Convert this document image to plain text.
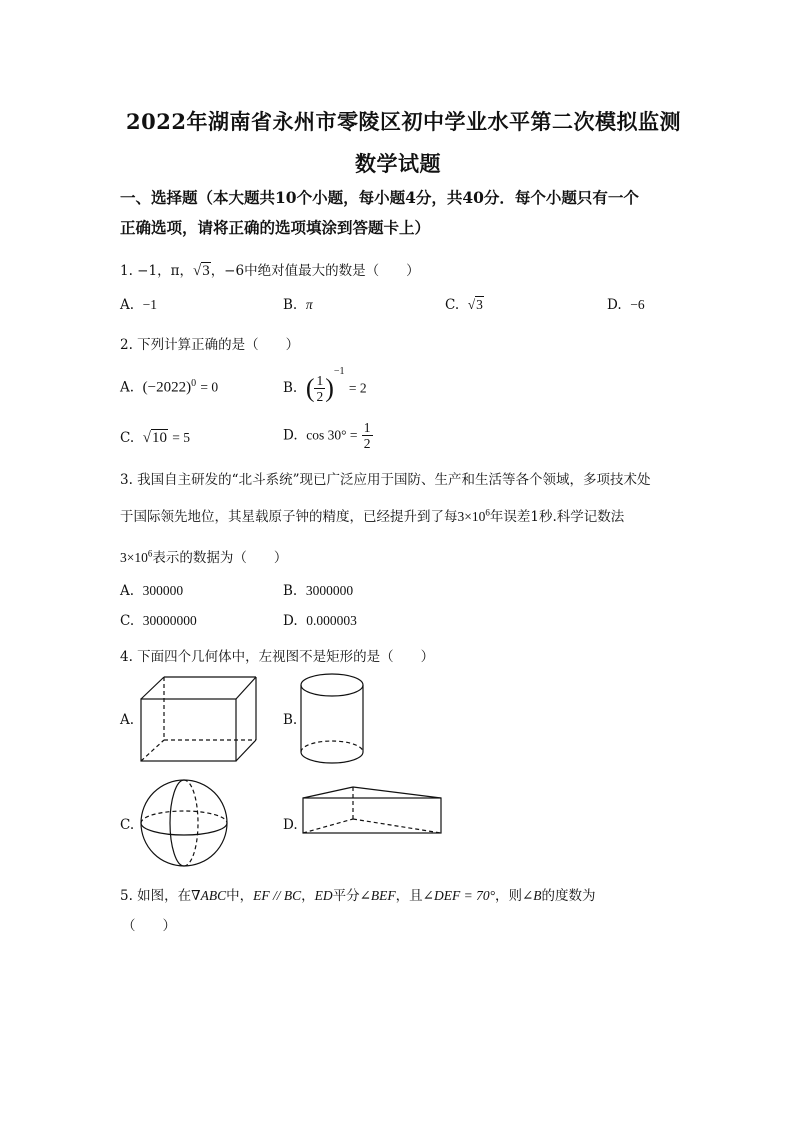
2022年湖南省永州市零陵区初中学业水平第二次模拟监测
数学试题
一、选择题（本大题共10个小题，每小题4分，共40分．每个小题只有一个
正确选项，请将正确的选项填涂到答题卡上）
1. −1，π，√3，−6中绝对值最大的数是（　　）
A. −1	B. π	C. √3	D. −6
2. 下列计算正确的是（　　）
A. $(-2022)^0 = 0$	B. ( $\frac{1}{2} )^{-1} = 2$
C. √10 = 5	D. $\cos 30^\circ = \frac{1}{2}$
3. 我国自主研发的“北斗系统”现已广泛应用于国防、生产和生活等各个领域，多项技术处
于国际领先地位，其星载原子钟的精度，已经提升到了每$3\times 10^6$年误差1秒.科学记数法
$3\times 10^6$表示的数据为（　　）
A. 300000	B. 3000000
C. 30000000	D. 0.000003
4. 下面四个几何体中，左视图不是矩形的是（　　）
A.	B.
C.	D.
5. 如图，在∇ABC中，EF // BC，ED平分∠BEF，且∠DEF = 70°，则∠B的度数为
（　　）
